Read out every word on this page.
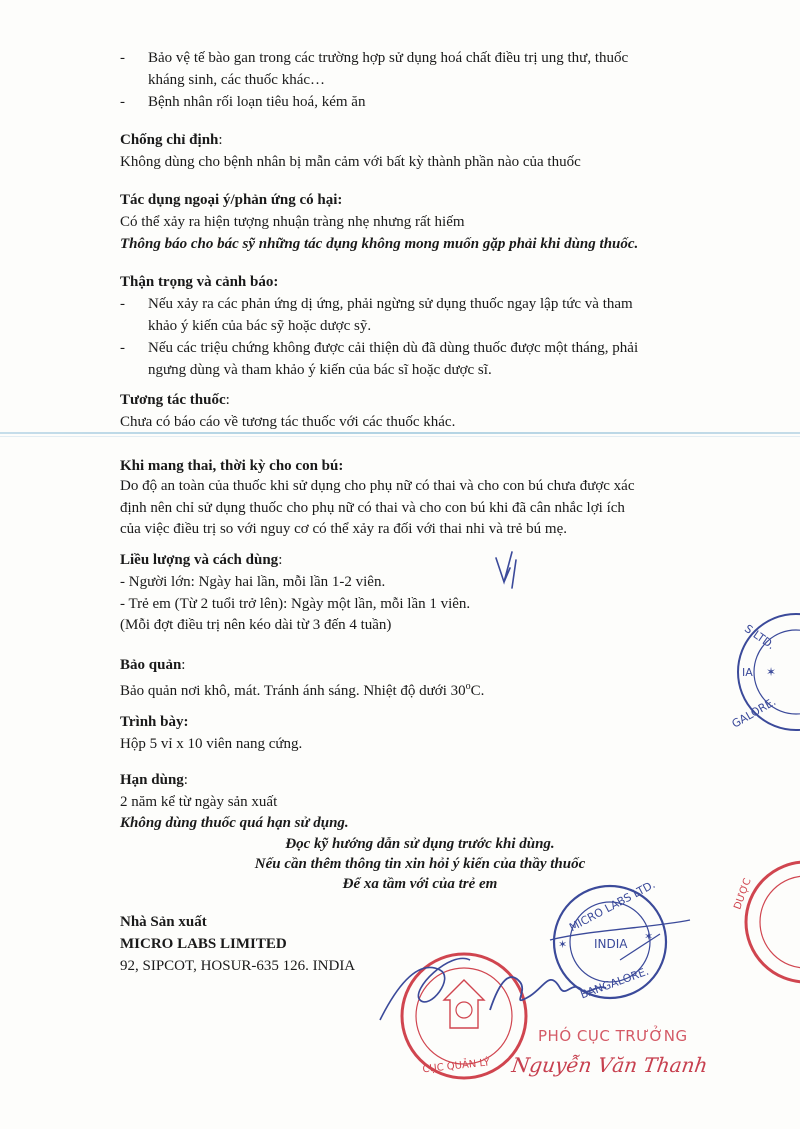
- Bảo vệ tế bào gan trong các trường hợp sử dụng hoá chất điều trị ung thư, thuốc
kháng sinh, các thuốc khác…
- Bệnh nhân rối loạn tiêu hoá, kém ăn
Chống chỉ định:
Không dùng cho bệnh nhân bị mẫn cảm với bất kỳ thành phần nào của thuốc
Tác dụng ngoại ý/phản ứng có hại:
Có thể xảy ra hiện tượng nhuận tràng nhẹ nhưng rất hiếm
Thông báo cho bác sỹ những tác dụng không mong muốn gặp phải khi dùng thuốc.
Thận trọng và cảnh báo:
- Nếu xảy ra các phản ứng dị ứng, phải ngừng sử dụng thuốc ngay lập tức và tham
khảo ý kiến của bác sỹ hoặc dược sỹ.
- Nếu các triệu chứng không được cải thiện dù đã dùng thuốc được một tháng, phải
ngưng dùng và tham khảo ý kiến của bác sĩ hoặc dược sĩ.
Tương tác thuốc:
Chưa có báo cáo về tương tác thuốc với các thuốc khác.
Khi mang thai, thời kỳ cho con bú:
Do độ an toàn của thuốc khi sử dụng cho phụ nữ có thai và cho con bú chưa được xác
định nên chỉ sử dụng thuốc cho phụ nữ có thai và cho con bú khi đã cân nhắc lợi ích
của việc điều trị so với nguy cơ có thể xảy ra đối với thai nhi và trẻ bú mẹ.
Liều lượng và cách dùng:
- Người lớn: Ngày hai lần, mỗi lần 1-2 viên.
- Trẻ em (Từ 2 tuổi trở lên): Ngày một lần, mỗi lần 1 viên.
(Mỗi đợt điều trị nên kéo dài từ 3 đến 4 tuần)
Bảo quản:
Bảo quản nơi khô, mát. Tránh ánh sáng. Nhiệt độ dưới 30$^o$C.
Trình bày:
Hộp 5 vỉ x 10 viên nang cứng.
Hạn dùng:
2 năm kể từ ngày sản xuất
Không dùng thuốc quá hạn sử dụng.
Đọc kỹ hướng dẫn sử dụng trước khi dùng.
Nếu cần thêm thông tin xin hỏi ý kiến của thầy thuốc
Để xa tầm với của trẻ em
Nhà Sản xuất
MICRO LABS LIMITED
92, SIPCOT, HOSUR-635 126. INDIA
S LTD.
IA ✶
GALORE.
DƯỢC
MICRO LABS LTD.
INDIA
✶
✶
BANGALORE.
CỤC QUẢN LÝ
PHÓ CỤC TRƯỞNG
Nguyễn Văn Thanh
